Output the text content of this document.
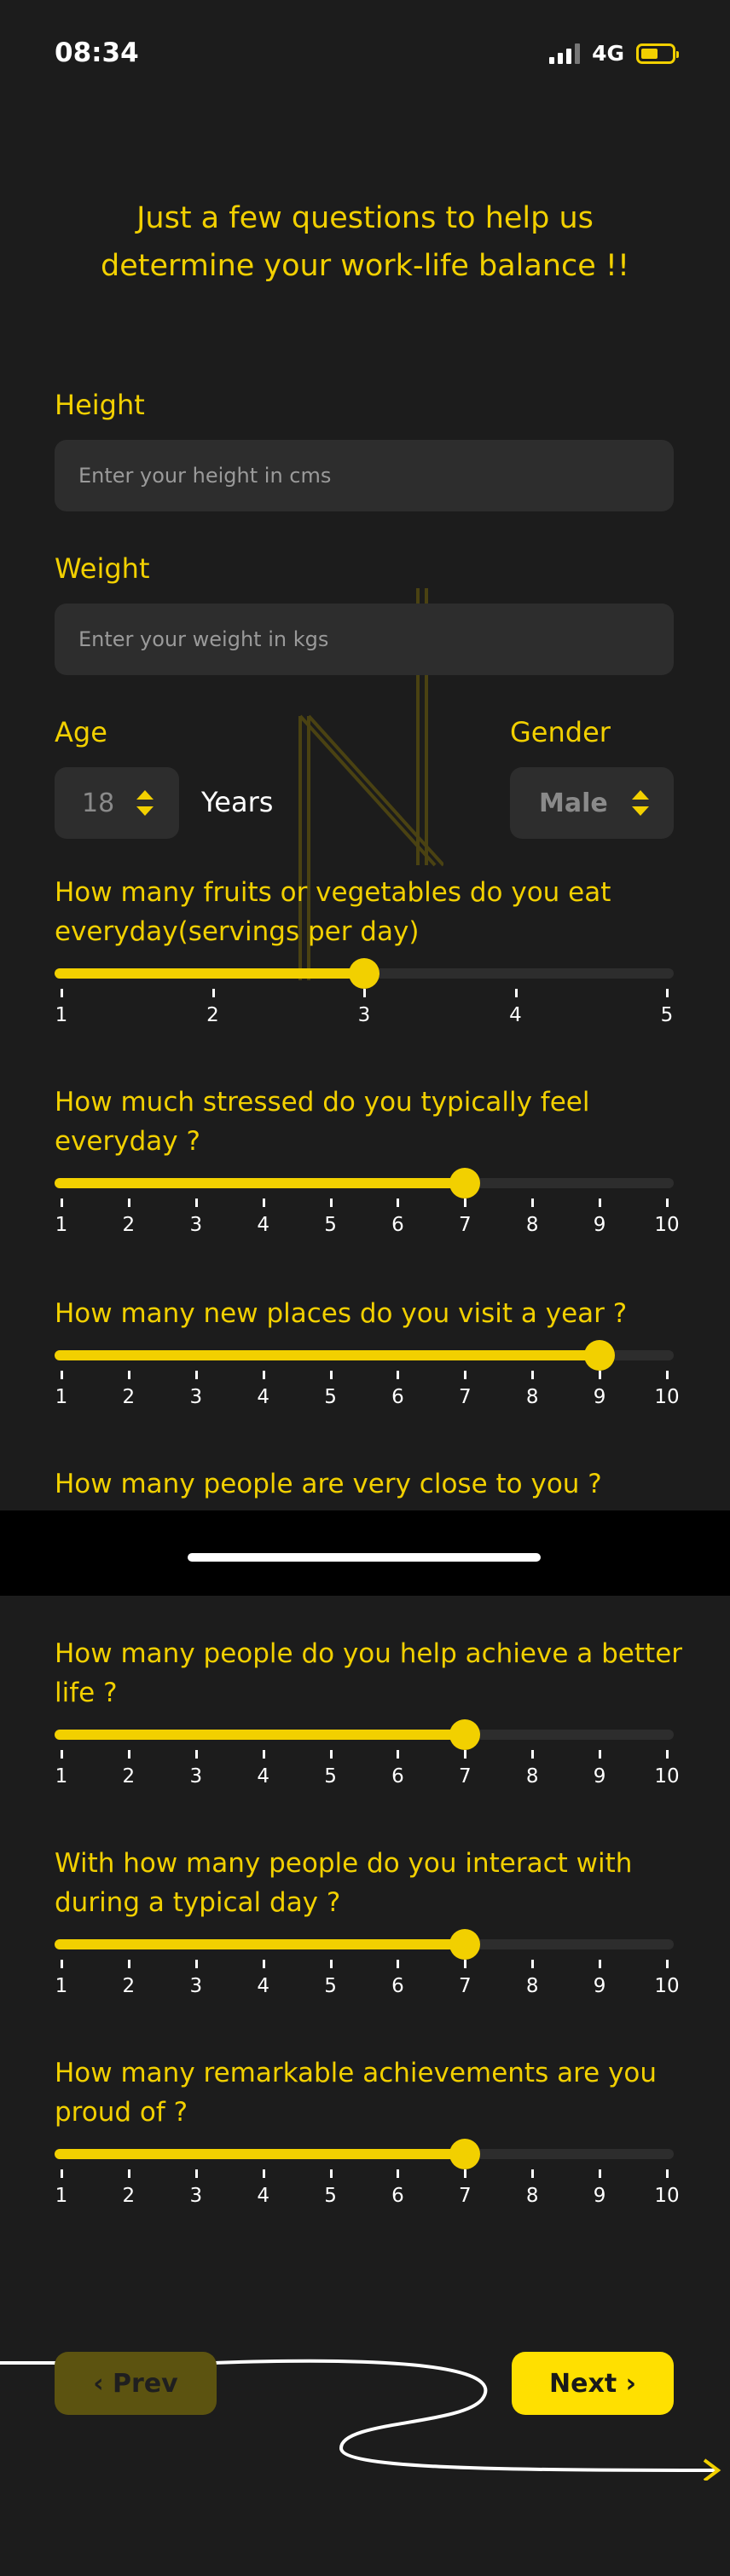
08:34	4G
Just a few questions to help us
determine your work-life balance !!
Height
Enter your height in cms
Weight
Enter your weight in kgs
Age
18	Years
Gender
Male
How many fruits or vegetables do you eat
everyday(servings per day)
1	2	3	4	5
How much stressed do you typically feel
everyday ?
1	2	3	4	5	6	7	8	9	10
How many new places do you visit a year ?
1	2	3	4	5	6	7	8	9	10
How many people are very close to you ?
How many people do you help achieve a better
life ?
1	2	3	4	5	6	7	8	9	10
With how many people do you interact with
during a typical day ?
1	2	3	4	5	6	7	8	9	10
How many remarkable achievements are you
proud of ?
1	2	3	4	5	6	7	8	9	10
‹ Prev	Next ›
